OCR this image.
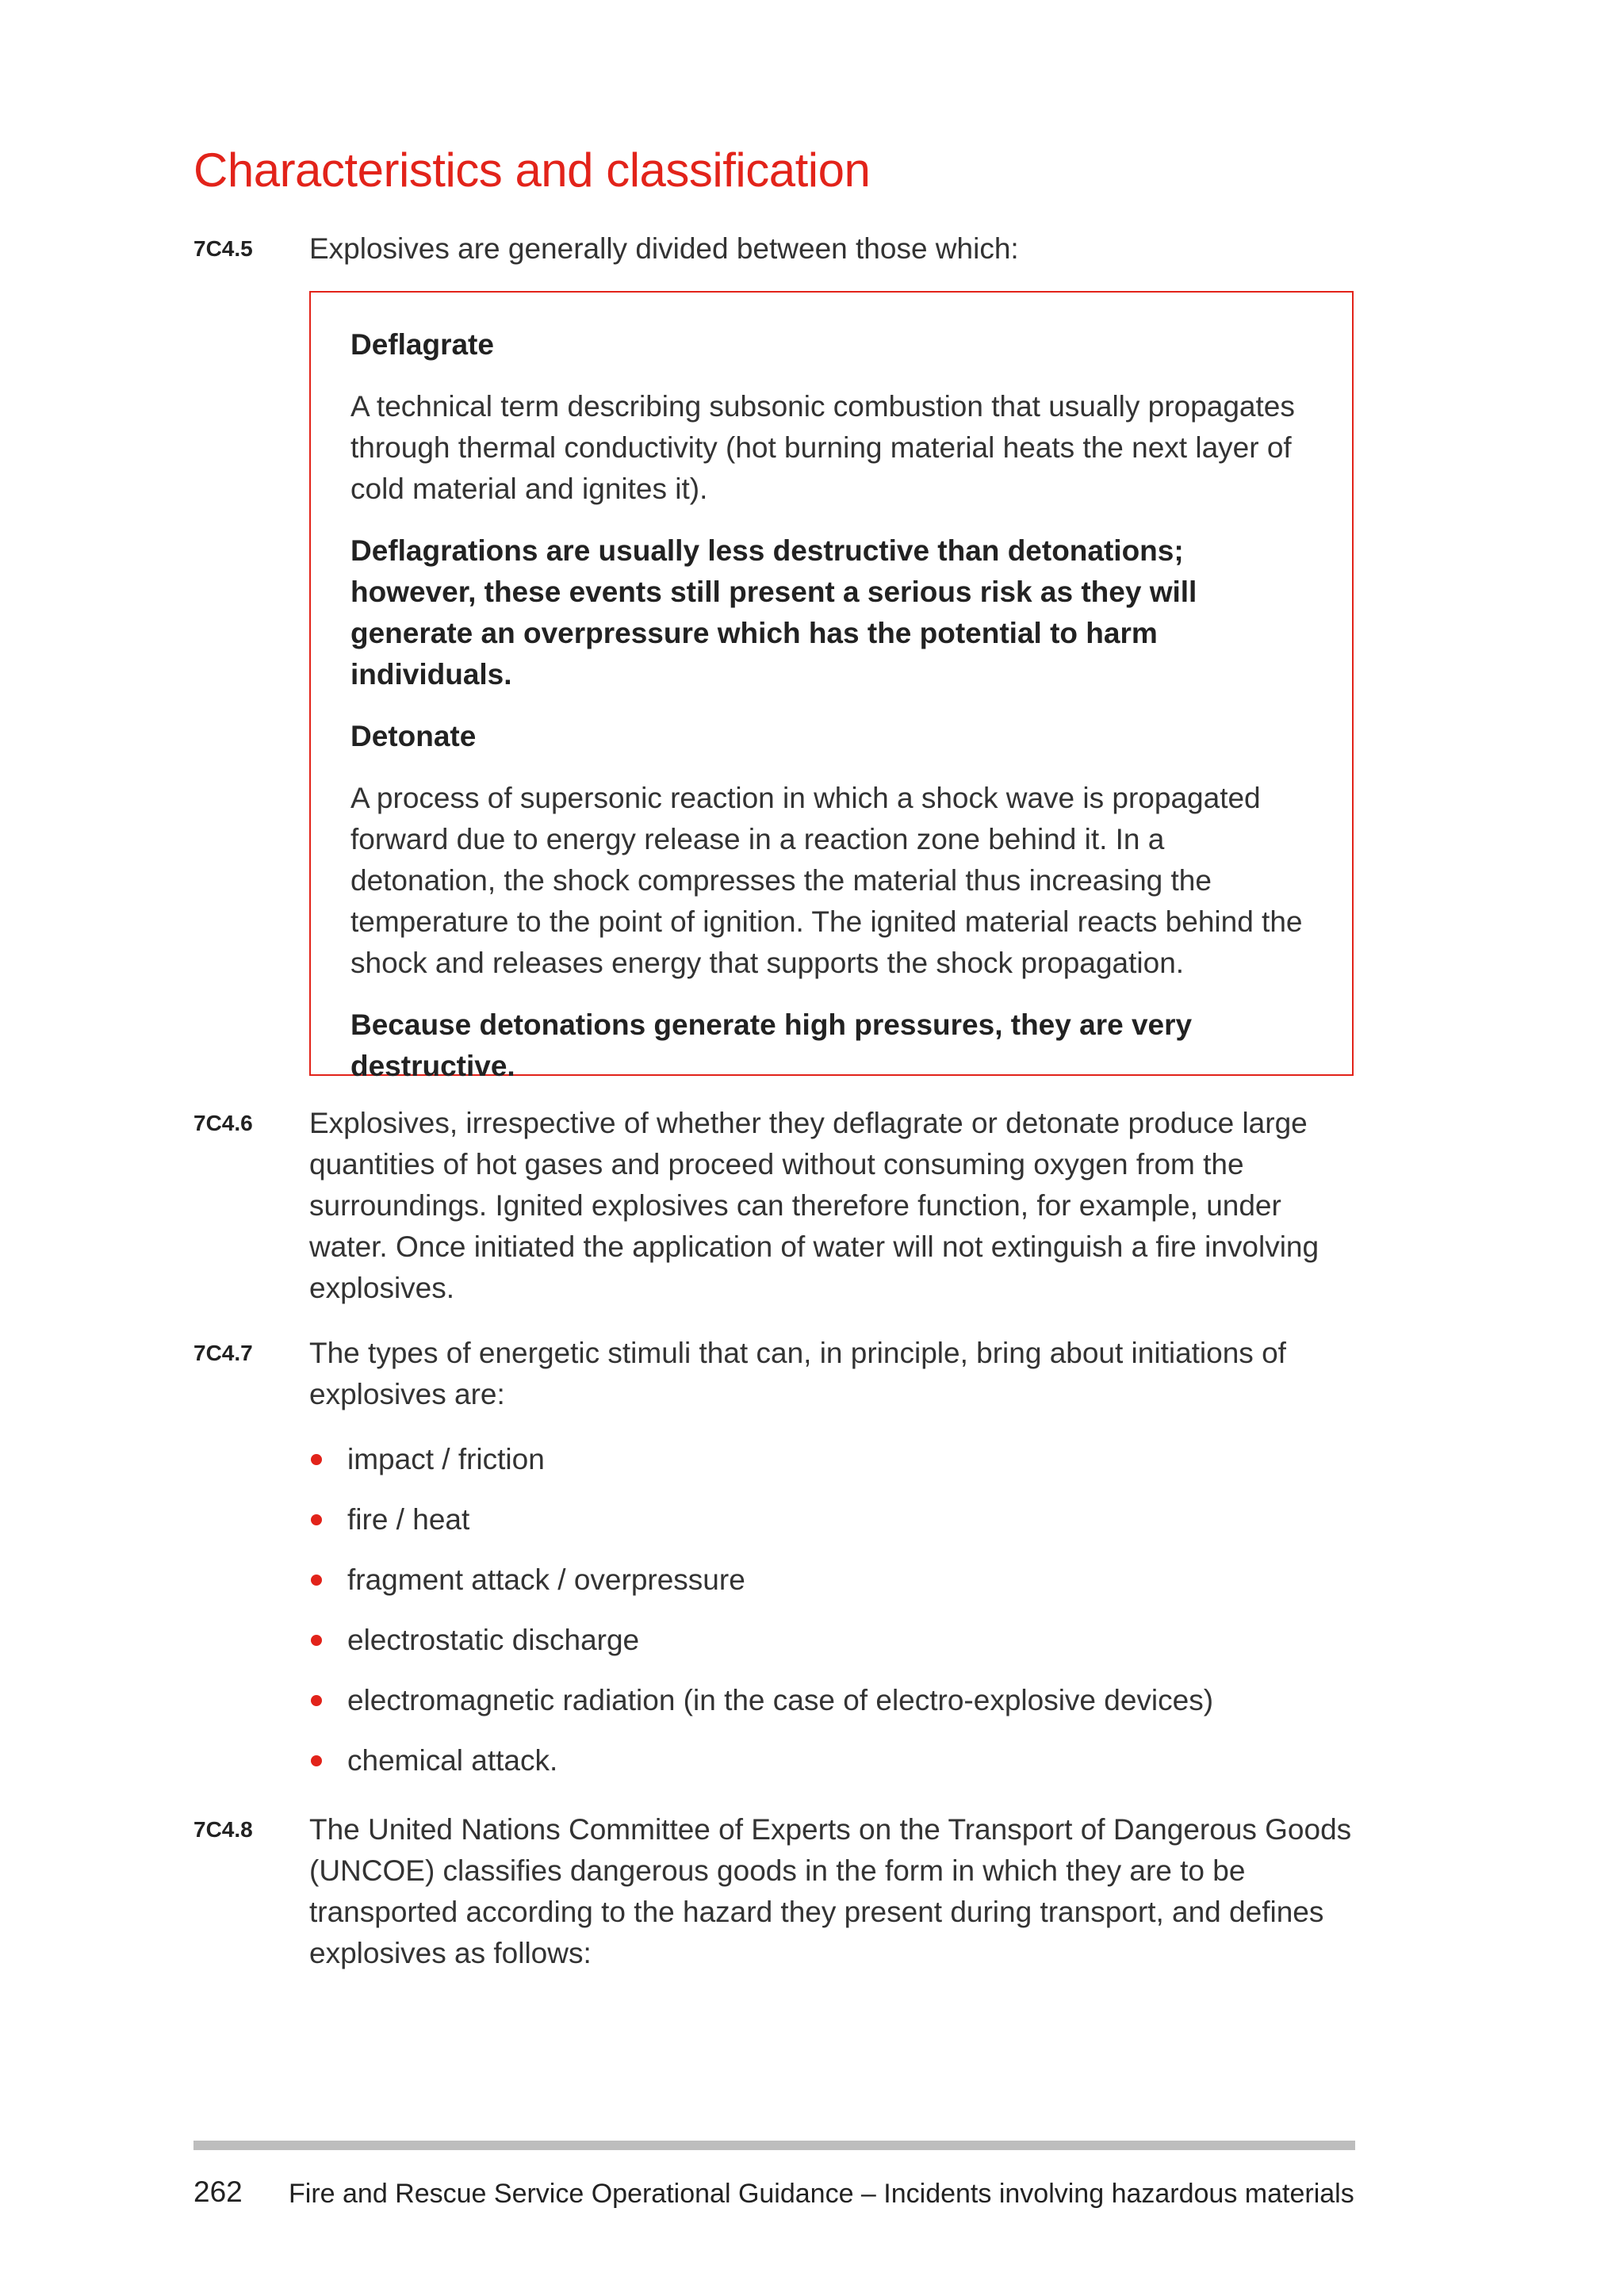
Characteristics and classification
7C4.5 Explosives are generally divided between those which:

Deflagrate

A technical term describing subsonic combustion that usually propagates through thermal conductivity (hot burning material heats the next layer of cold material and ignites it).

Deflagrations are usually less destructive than detonations; however, these events still present a serious risk as they will generate an overpressure which has the potential to harm individuals.

Detonate

A process of supersonic reaction in which a shock wave is propagated forward due to energy release in a reaction zone behind it. In a detonation, the shock compresses the material thus increasing the temperature to the point of ignition. The ignited material reacts behind the shock and releases energy that supports the shock propagation.

Because detonations generate high pressures, they are very destructive.

7C4.6 Explosives, irrespective of whether they deflagrate or detonate produce large quantities of hot gases and proceed without consuming oxygen from the surroundings. Ignited explosives can therefore function, for example, under water. Once initiated the application of water will not extinguish a fire involving explosives.
7C4.7 The types of energetic stimuli that can, in principle, bring about initiations of explosives are:
impact / friction
fire / heat
fragment attack / overpressure
electrostatic discharge
electromagnetic radiation (in the case of electro-explosive devices)
chemical attack.
7C4.8 The United Nations Committee of Experts on the Transport of Dangerous Goods (UNCOE) classifies dangerous goods in the form in which they are to be transported according to the hazard they present during transport, and defines explosives as follows:
262 Fire and Rescue Service Operational Guidance – Incidents involving hazardous materials
